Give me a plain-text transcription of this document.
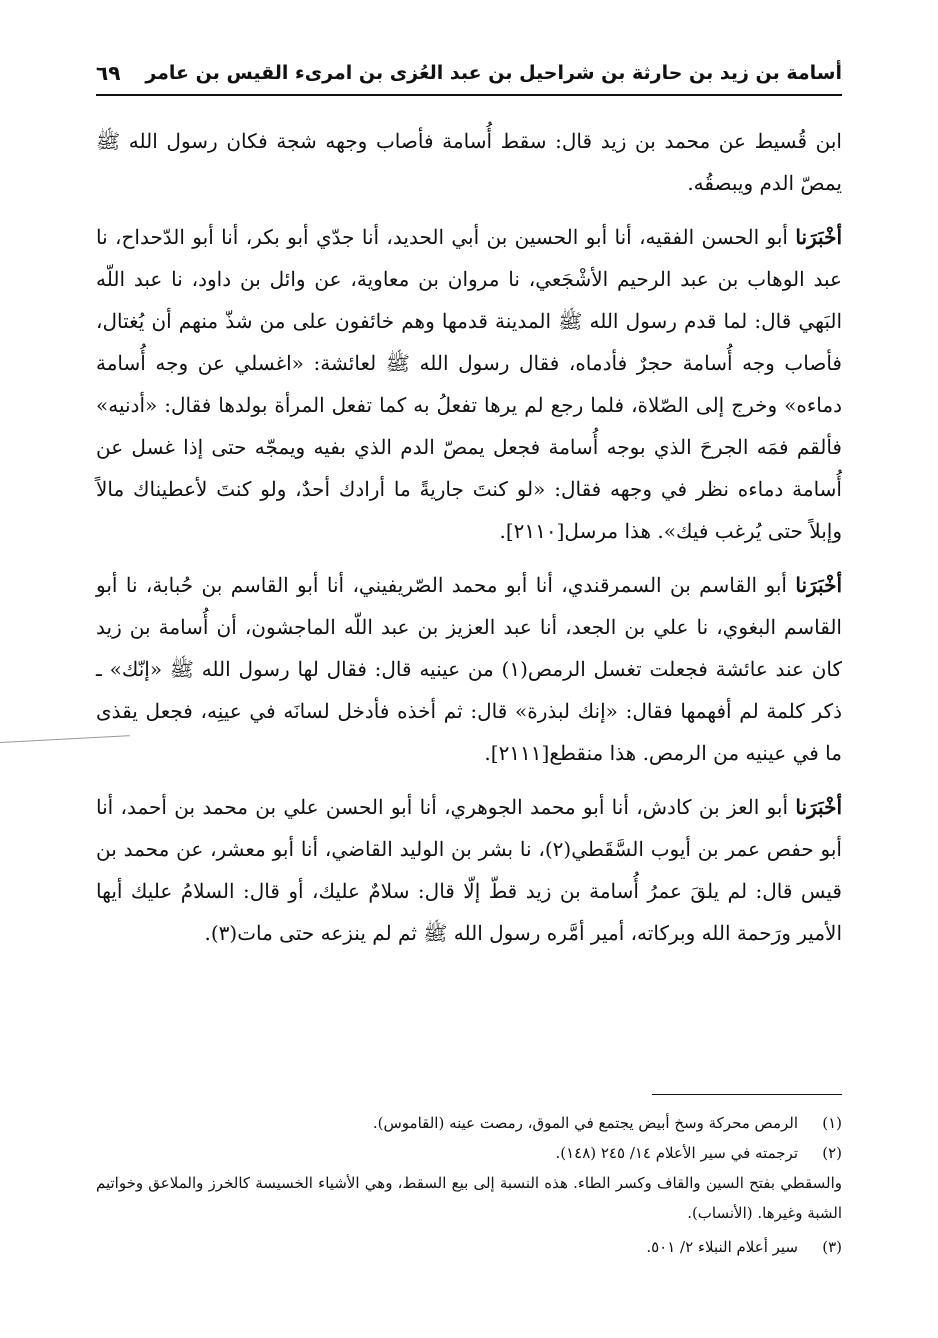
٦٩ أسامة بن زيد بن حارثة بن شراحيل بن عبد العُزى بن امرىء القيس بن عامر

ابن قُسيط عن محمد بن زيد قال: سقط أُسامة فأصاب وجهه شجة فكان رسول الله ﷺ يمصّ الدم ويبصقُه.

أخْبَرَنا أبو الحسن الفقيه، أنا أبو الحسين بن أبي الحديد، أنا جدّي أبو بكر، أنا أبو الدّحداح، نا عبد الوهاب بن عبد الرحيم الأشْجَعي، نا مروان بن معاوية، عن وائل بن داود، نا عبد اللّه البَهي قال: لما قدم رسول الله ﷺ المدينة قدمها وهم خائفون على من شذّ منهم أن يُغتال، فأصاب وجه أُسامة حجرٌ فأدماه، فقال رسول الله ﷺ لعائشة: «اغسلي عن وجه أُسامة دماءه» وخرج إلى الصّلاة، فلما رجع لم يرها تفعلُ به كما تفعل المرأة بولدها فقال: «أدنيه» فألقم فمَه الجرحَ الذي بوجه أُسامة فجعل يمصّ الدم الذي بفيه ويمجّه حتى إذا غسل عن أُسامة دماءه نظر في وجهه فقال: «لو كنتَ جاريةً ما أرادك أحدٌ، ولو كنتَ لأعطيناك مالاً وإبلاً حتى يُرغب فيك». هذا مرسل[٢١١٠].

أخْبَرَنا أبو القاسم بن السمرقندي، أنا أبو محمد الصّريفيني، أنا أبو القاسم بن حُبابة، نا أبو القاسم البغوي، نا علي بن الجعد، أنا عبد العزيز بن عبد اللّه الماجشون، أن أُسامة بن زيد كان عند عائشة فجعلت تغسل الرمص(١) من عينيه قال: فقال لها رسول الله ﷺ «إنّك» ـ ذكر كلمة لم أفهمها فقال: «إنك لبذرة» قال: ثم أخذه فأدخل لسانَه في عينِه، فجعل يقذى ما في عينيه من الرمص. هذا منقطع[٢١١١].

أخْبَرَنا أبو العز بن كادش، أنا أبو محمد الجوهري، أنا أبو الحسن علي بن محمد بن أحمد، أنا أبو حفص عمر بن أيوب السَّقَطي(٢)، نا بشر بن الوليد القاضي، أنا أبو معشر، عن محمد بن قيس قال: لم يلقَ عمرُ أُسامة بن زيد قطّ إلّا قال: سلامٌ عليك، أو قال: السلامُ عليك أيها الأمير ورَحمة الله وبركاته، أمير أمَّره رسول الله ﷺ ثم لم ينزعه حتى مات(٣).

(١)
الرمص محركة وسخ أبيض يجتمع في الموق، رمصت عينه (القاموس).
(٢)
ترجمته في سير الأعلام ١٤/ ٢٤٥ (١٤٨).
والسقطي بفتح السين والقاف وكسر الطاء. هذه النسبة إلى بيع السقط، وهي الأشياء الخسيسة كالخرز والملاعق وخواتيم الشبة وغيرها. (الأنساب).
(٣)
سير أعلام النبلاء ٢/ ٥٠١.
